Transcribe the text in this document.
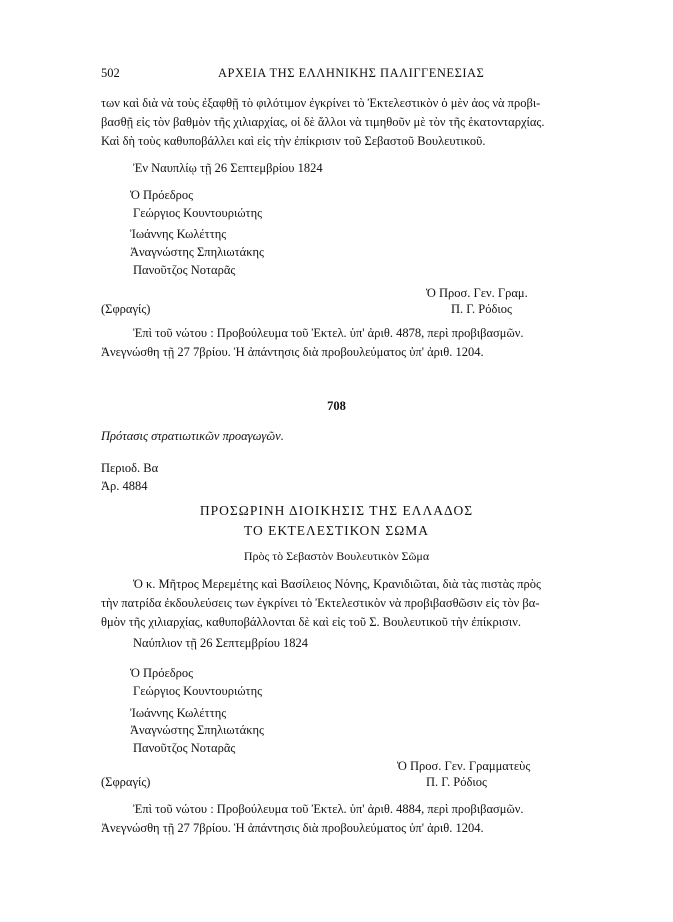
502	ΑΡΧΕΙΑ ΤΗΣ ΕΛΛΗΝΙΚΗΣ ΠΑΛΙΓΓΕΝΕΣΙΑΣ
των καὶ διὰ νὰ τοὺς ἐξαφθῇ τὸ φιλότιμον ἐγκρίνει τὸ Ἐκτελεστικὸν ὁ μὲν ἀος νὰ προβι-
βασθῇ εἰς τὸν βαθμὸν τῆς χιλιαρχίας, οἱ δὲ ἄλλοι νὰ τιμηθοῦν μὲ τὸν τῆς ἑκατονταρχίας.
Καὶ δὴ τοὺς καθυποβάλλει καὶ εἰς τὴν ἐπίκρισιν τοῦ Σεβαστοῦ Βουλευτικοῦ.
Ἐν Ναυπλίῳ τῇ 26 Σεπτεμβρίου 1824
Ὁ Πρόεδρος
Γεώργιος Κουντουριώτης
Ἰωάννης Κωλέττης
Ἀναγνώστης Σπηλιωτάκης
Πανοῦτζος Νοταρᾶς
Ὁ Προσ. Γεν. Γραμ.
(Σφραγίς)	Π. Γ. Ρόδιος
Ἐπὶ τοῦ νώτου : Προβούλευμα τοῦ Ἐκτελ. ὑπ' ἀριθ. 4878, περὶ προβιβασμῶν.
Ἀνεγνώσθη τῇ 27 7βρίου. Ἡ ἀπάντησις διὰ προβουλεύματος ὑπ' ἀριθ. 1204.
708
Πρότασις στρατιωτικῶν προαγωγῶν.
Περιοδ. Βα
Ἀρ. 4884
ΠΡΟΣΩΡΙΝΗ ΔΙΟΙΚΗΣΙΣ ΤΗΣ ΕΛΛΑΔΟΣ
ΤΟ ΕΚΤΕΛΕΣΤΙΚΟΝ ΣΩΜΑ
Πρὸς τὸ Σεβαστὸν Βουλευτικὸν Σῶμα
Ὁ κ. Μῆτρος Μερεμέτης καὶ Βασίλειος Νόνης, Κρανιδιῶται, διὰ τὰς πιστὰς πρὸς
τὴν πατρίδα ἐκδουλεύσεις των ἐγκρίνει τὸ Ἐκτελεστικὸν νὰ προβιβασθῶσιν εἰς τὸν βα-
θμὸν τῆς χιλιαρχίας, καθυποβάλλονται δὲ καὶ εἰς τοῦ Σ. Βουλευτικοῦ τὴν ἐπίκρισιν.
Ναύπλιον τῇ 26 Σεπτεμβρίου 1824
Ὁ Πρόεδρος
Γεώργιος Κουντουριώτης
Ἰωάννης Κωλέττης
Ἀναγνώστης Σπηλιωτάκης
Πανοῦτζος Νοταρᾶς
Ὁ Προσ. Γεν. Γραμματεὺς
(Σφραγίς)	Π. Γ. Ρόδιος
Ἐπὶ τοῦ νώτου : Προβούλευμα τοῦ Ἐκτελ. ὑπ' ἀριθ. 4884, περὶ προβιβασμῶν.
Ἀνεγνώσθη τῇ 27 7βρίου. Ἡ ἀπάντησις διὰ προβουλεύματος ὑπ' ἀριθ. 1204.
